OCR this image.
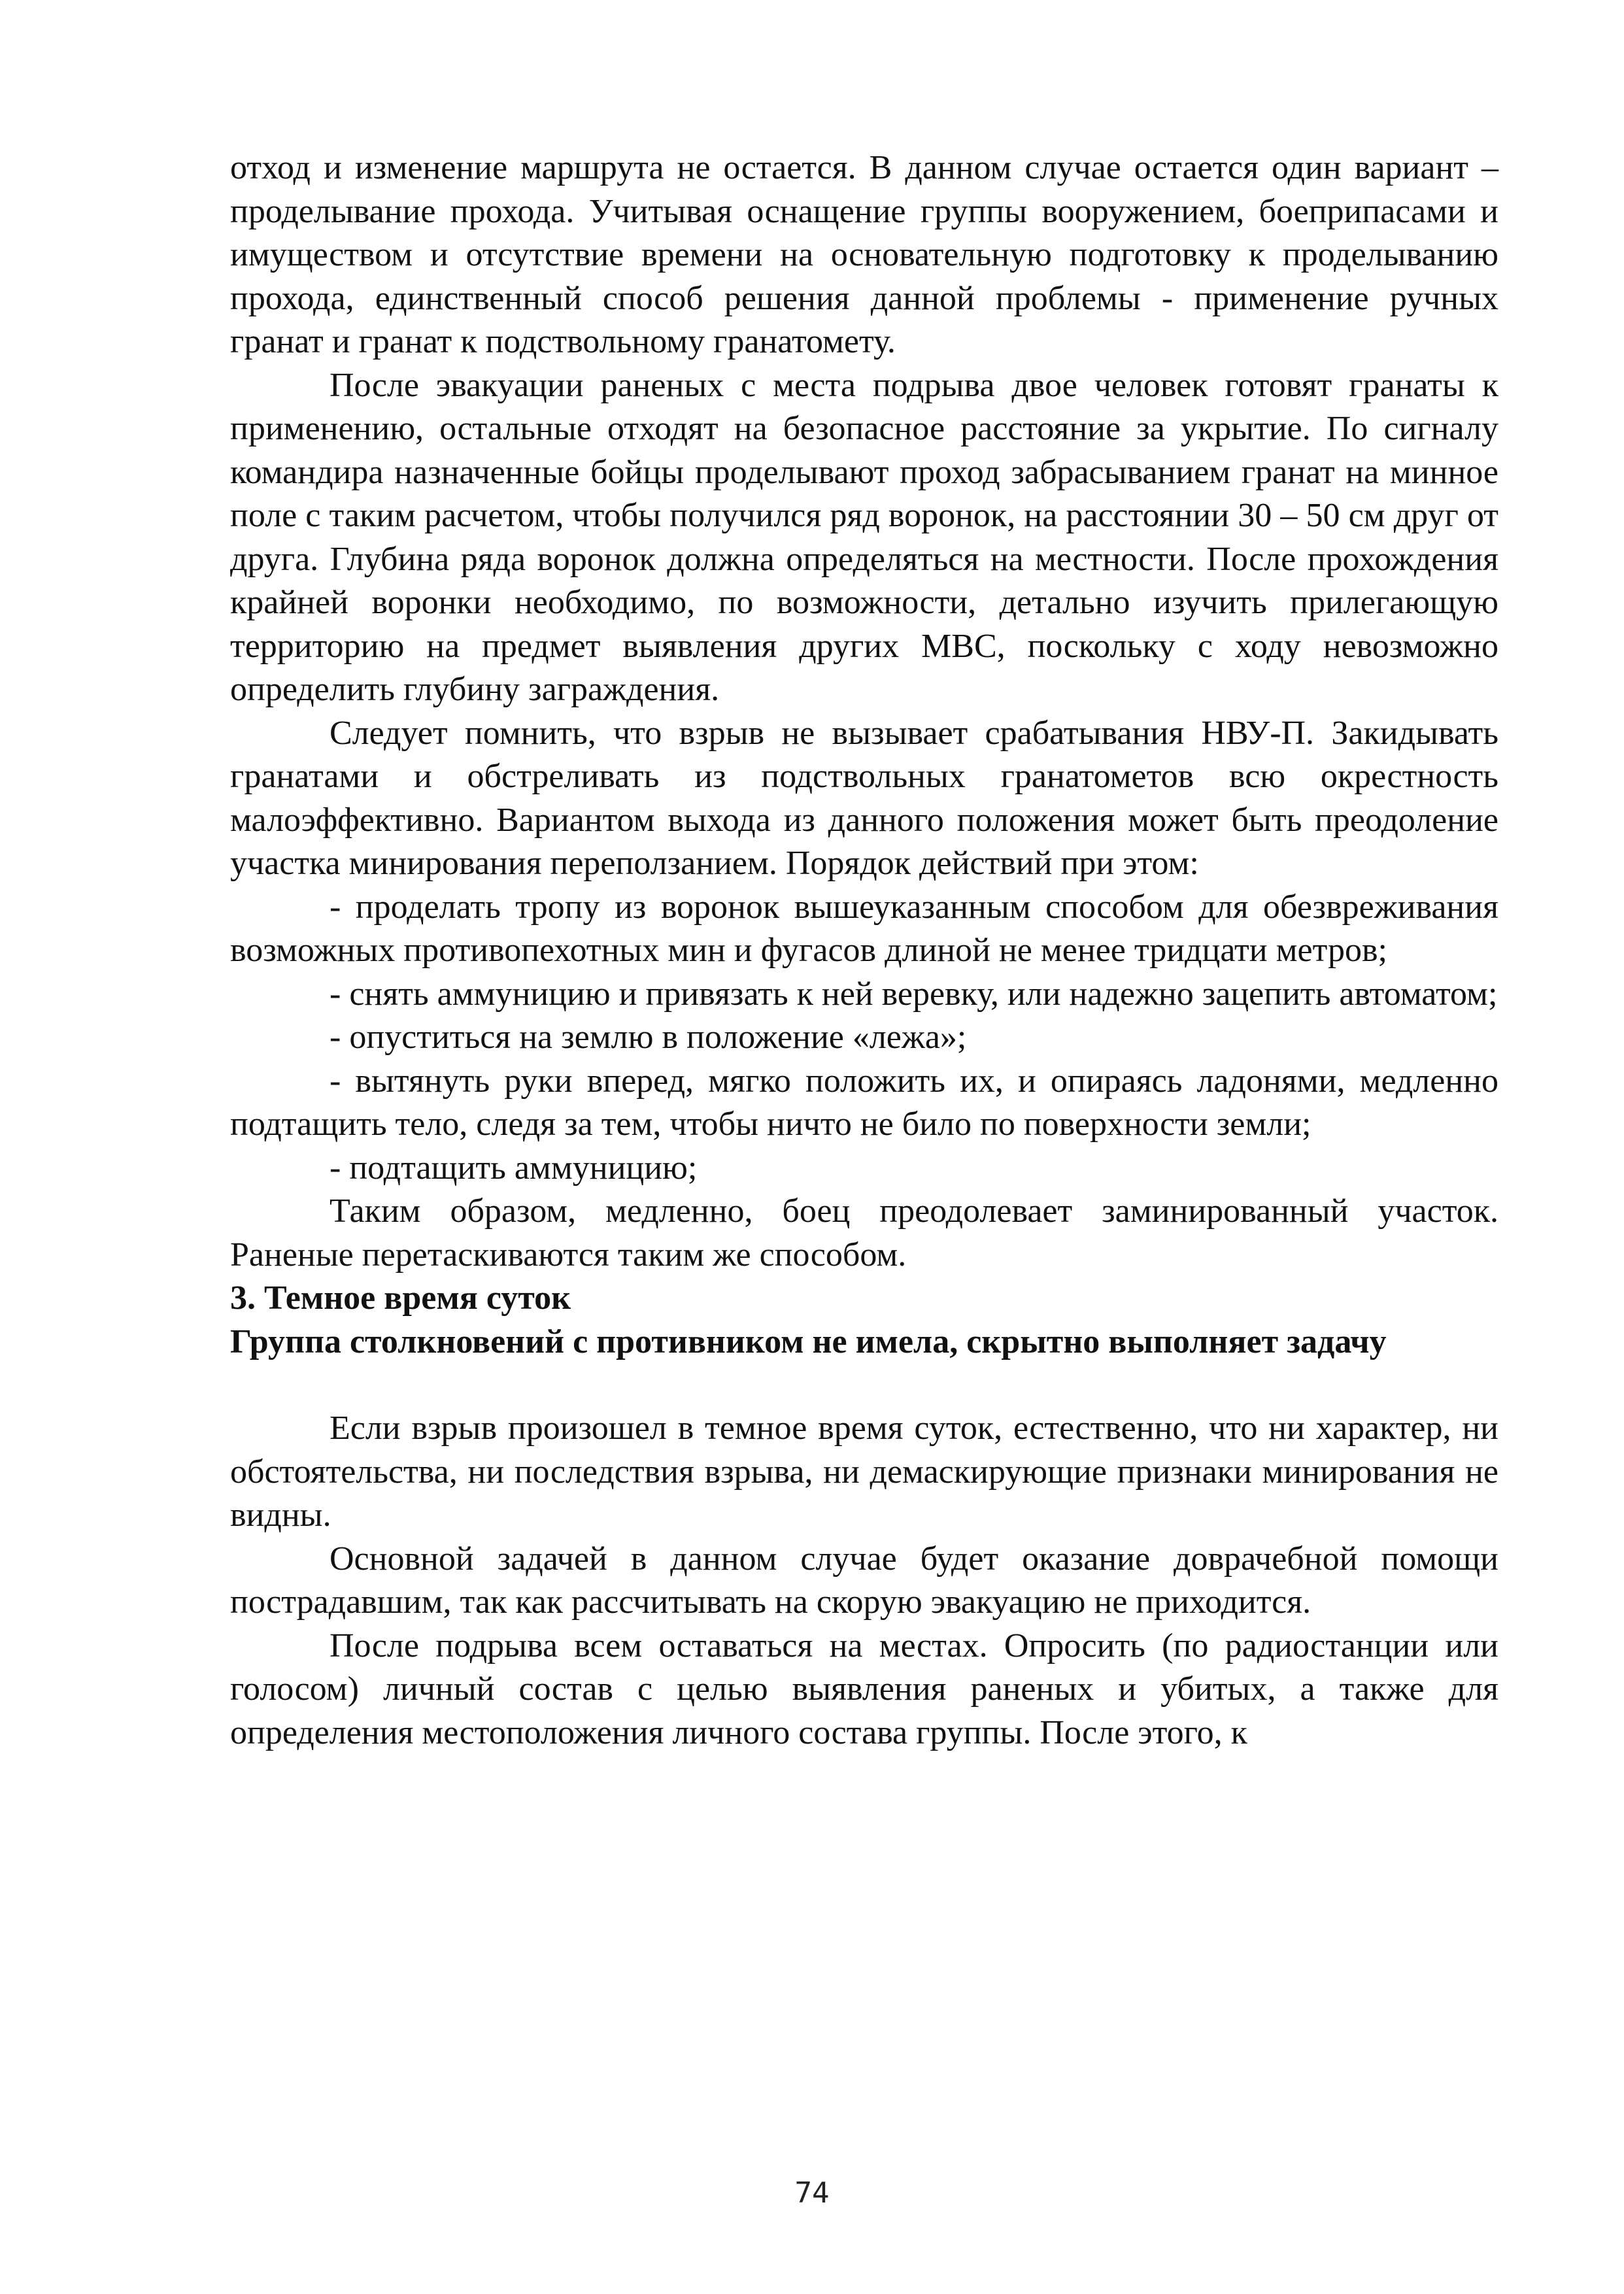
отход и изменение маршрута не остается. В данном случае остается один вариант – проделывание прохода. Учитывая оснащение группы вооружением, боеприпасами и имуществом и отсутствие времени на основательную подготовку к проделыванию прохода, единственный способ решения данной проблемы - применение ручных гранат и гранат к подствольному гранатомету.

После эвакуации раненых с места подрыва двое человек готовят гранаты к применению, остальные отходят на безопасное расстояние за укрытие. По сигналу командира назначенные бойцы проделывают проход забрасыванием гранат на минное поле с таким расчетом, чтобы получился ряд воронок, на расстоянии 30 – 50 см друг от друга. Глубина ряда воронок должна определяться на местности. После прохождения крайней воронки необходимо, по возможности, детально изучить прилегающую территорию на предмет выявления других МВС, поскольку с ходу невозможно определить глубину заграждения.

Следует помнить, что взрыв не вызывает срабатывания НВУ-П. Закидывать гранатами и обстреливать из подствольных гранатометов всю окрестность малоэффективно. Вариантом выхода из данного положения может быть преодоление участка минирования переползанием. Порядок действий при этом:

- проделать тропу из воронок вышеуказанным способом для обезвреживания возможных противопехотных мин и фугасов длиной не менее тридцати метров;

- снять аммуницию и привязать к ней веревку, или надежно зацепить автоматом;

- опуститься на землю в положение «лежа»;

- вытянуть руки вперед, мягко положить их, и опираясь ладонями, медленно подтащить тело, следя за тем, чтобы ничто не било по поверхности земли;

- подтащить аммуницию;

Таким образом, медленно, боец преодолевает заминированный участок. Раненые перетаскиваются таким же способом.

3. Темное время суток

Группа столкновений с противником не имела, скрытно выполняет задачу

Если взрыв произошел в темное время суток, естественно, что ни характер, ни обстоятельства, ни последствия взрыва, ни демаскирующие признаки минирования не видны.

Основной задачей в данном случае будет оказание доврачебной помощи пострадавшим, так как рассчитывать на скорую эвакуацию не приходится.

После подрыва всем оставаться на местах. Опросить (по радиостанции или голосом) личный состав с целью выявления раненых и убитых, а также для определения местоположения личного состава группы. После этого, к

74
